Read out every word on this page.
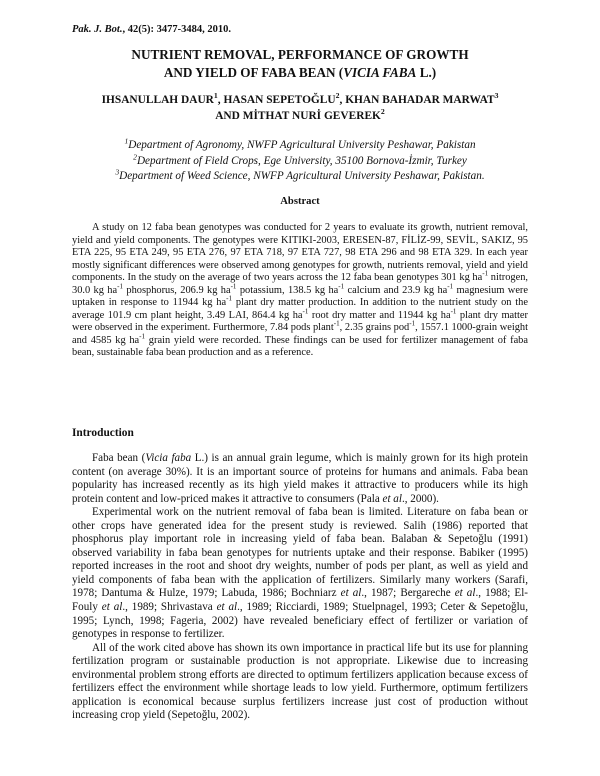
Pak. J. Bot., 42(5): 3477-3484, 2010.
NUTRIENT REMOVAL, PERFORMANCE OF GROWTH
AND YIELD OF FABA BEAN (VICIA FABA L.)
IHSANULLAH DAUR$^1$, HASAN SEPETOĞLU$^2$, KHAN BAHADAR MARWAT$^3$
AND MİTHAT NURİ GEVEREK$^2$
$^1$Department of Agronomy, NWFP Agricultural University Peshawar, Pakistan
$^2$Department of Field Crops, Ege University, 35100 Bornova-İzmir, Turkey
$^3$Department of Weed Science, NWFP Agricultural University Peshawar, Pakistan.
Abstract

A study on 12 faba bean genotypes was conducted for 2 years to evaluate its growth, nutrient removal, yield and yield components. The genotypes were KITIKI-2003, ERESEN-87, FİLİZ-99, SEVİL, SAKIZ, 95 ETA 225, 95 ETA 249, 95 ETA 276, 97 ETA 718, 97 ETA 727, 98 ETA 296 and 98 ETA 329. In each year mostly significant differences were observed among genotypes for growth, nutrients removal, yield and yield components. In the study on the average of two years across the 12 faba bean genotypes 301 kg $ha^{-1}$ nitrogen, 30.0 kg $ha^{-1}$ phosphorus, 206.9 kg $ha^{-1}$ potassium, 138.5 kg $ha^{-1}$ calcium and 23.9 kg $ha^{-1}$ magnesium were uptaken in response to 11944 kg $ha^{-1}$ plant dry matter production. In addition to the nutrient study on the average 101.9 cm plant height, 3.49 LAI, 864.4 kg $ha^{-1}$ root dry matter and 11944 kg $ha^{-1}$ plant dry matter were observed in the experiment. Furthermore, 7.84 pods plant$^{-1}$, 2.35 grains pod$^{-1}$, 1557.1 1000-grain weight and 4585 kg $ha^{-1}$ grain yield were recorded. These findings can be used for fertilizer management of faba bean, sustainable faba bean production and as a reference.

Introduction

Faba bean (Vicia faba L.) is an annual grain legume, which is mainly grown for its high protein content (on average 30%). It is an important source of proteins for humans and animals. Faba bean popularity has increased recently as its high yield makes it attractive to producers while its high protein content and low-priced makes it attractive to consumers (Pala et al., 2000).

Experimental work on the nutrient removal of faba bean is limited. Literature on faba bean or other crops have generated idea for the present study is reviewed. Salih (1986) reported that phosphorus play important role in increasing yield of faba bean. Balaban & Sepetoğlu (1991) observed variability in faba bean genotypes for nutrients uptake and their response. Babiker (1995) reported increases in the root and shoot dry weights, number of pods per plant, as well as yield and yield components of faba bean with the application of fertilizers. Similarly many workers (Sarafi, 1978; Dantuma & Hulze, 1979; Labuda, 1986; Bochniarz et al., 1987; Bergareche et al., 1988; El-Fouly et al., 1989; Shrivastava et al., 1989; Ricciardi, 1989; Stuelpnagel, 1993; Ceter & Sepetoğlu, 1995; Lynch, 1998; Fageria, 2002) have revealed beneficiary effect of fertilizer or variation of genotypes in response to fertilizer.

All of the work cited above has shown its own importance in practical life but its use for planning fertilization program or sustainable production is not appropriate. Likewise due to increasing environmental problem strong efforts are directed to optimum fertilizers application because excess of fertilizers effect the environment while shortage leads to low yield. Furthermore, optimum fertilizers application is economical because surplus fertilizers increase just cost of production without increasing crop yield (Sepetoğlu, 2002).
